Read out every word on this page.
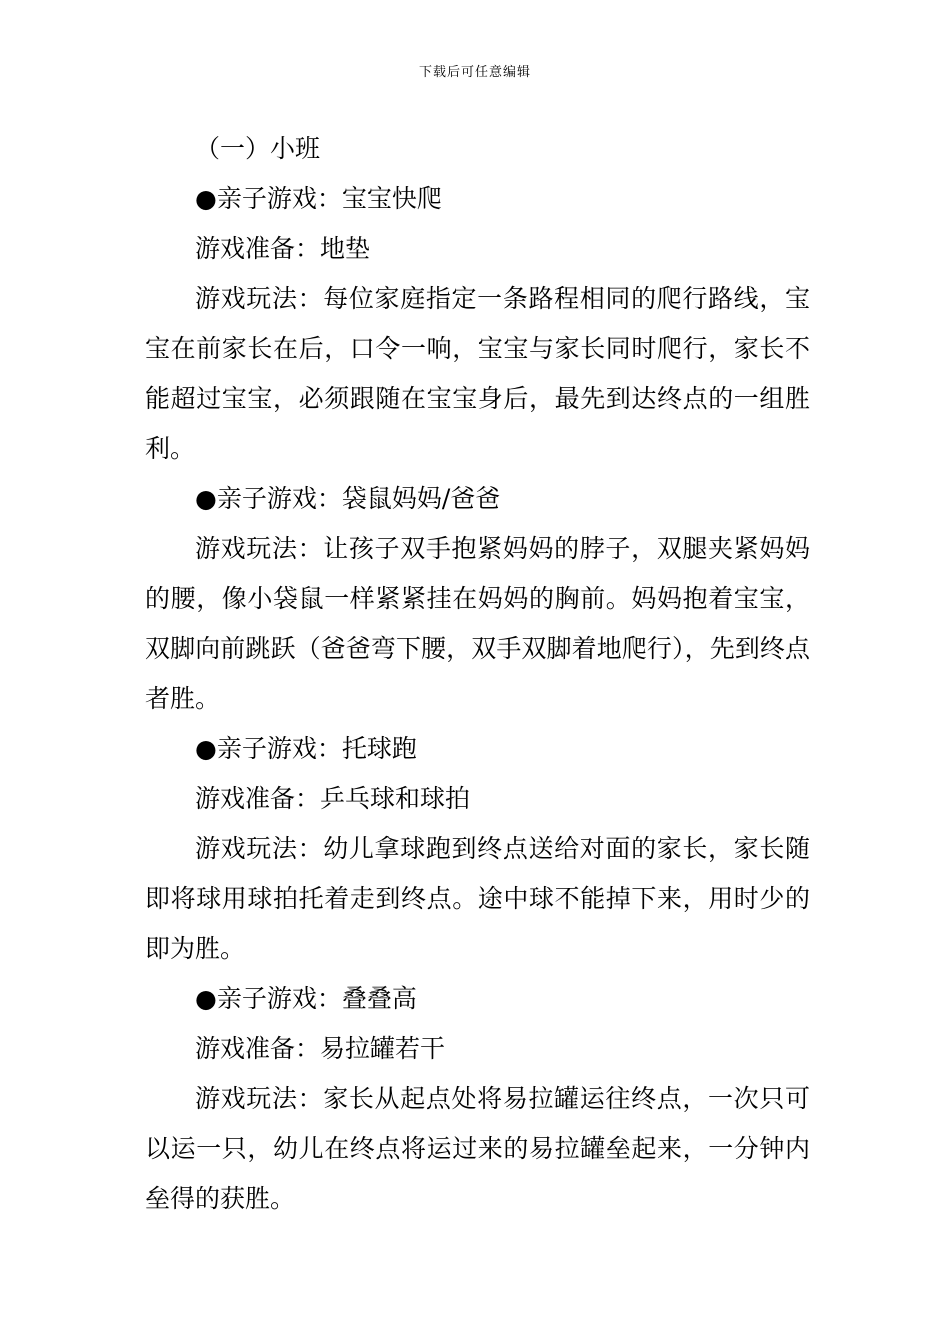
下载后可任意编辑

（一）小班

●亲子游戏：宝宝快爬

游戏准备：地垫

游戏玩法：每位家庭指定一条路程相同的爬行路线，宝宝在前家长在后，口令一响，宝宝与家长同时爬行，家长不能超过宝宝，必须跟随在宝宝身后，最先到达终点的一组胜利。

●亲子游戏：袋鼠妈妈/爸爸

游戏玩法：让孩子双手抱紧妈妈的脖子，双腿夹紧妈妈的腰，像小袋鼠一样紧紧挂在妈妈的胸前。妈妈抱着宝宝，双脚向前跳跃（爸爸弯下腰，双手双脚着地爬行），先到终点者胜。

●亲子游戏：托球跑

游戏准备：乒乓球和球拍

游戏玩法：幼儿拿球跑到终点送给对面的家长，家长随即将球用球拍托着走到终点。途中球不能掉下来，用时少的即为胜。

●亲子游戏：叠叠高

游戏准备：易拉罐若干

游戏玩法：家长从起点处将易拉罐运往终点，一次只可以运一只，幼儿在终点将运过来的易拉罐垒起来，一分钟内垒得的获胜。
